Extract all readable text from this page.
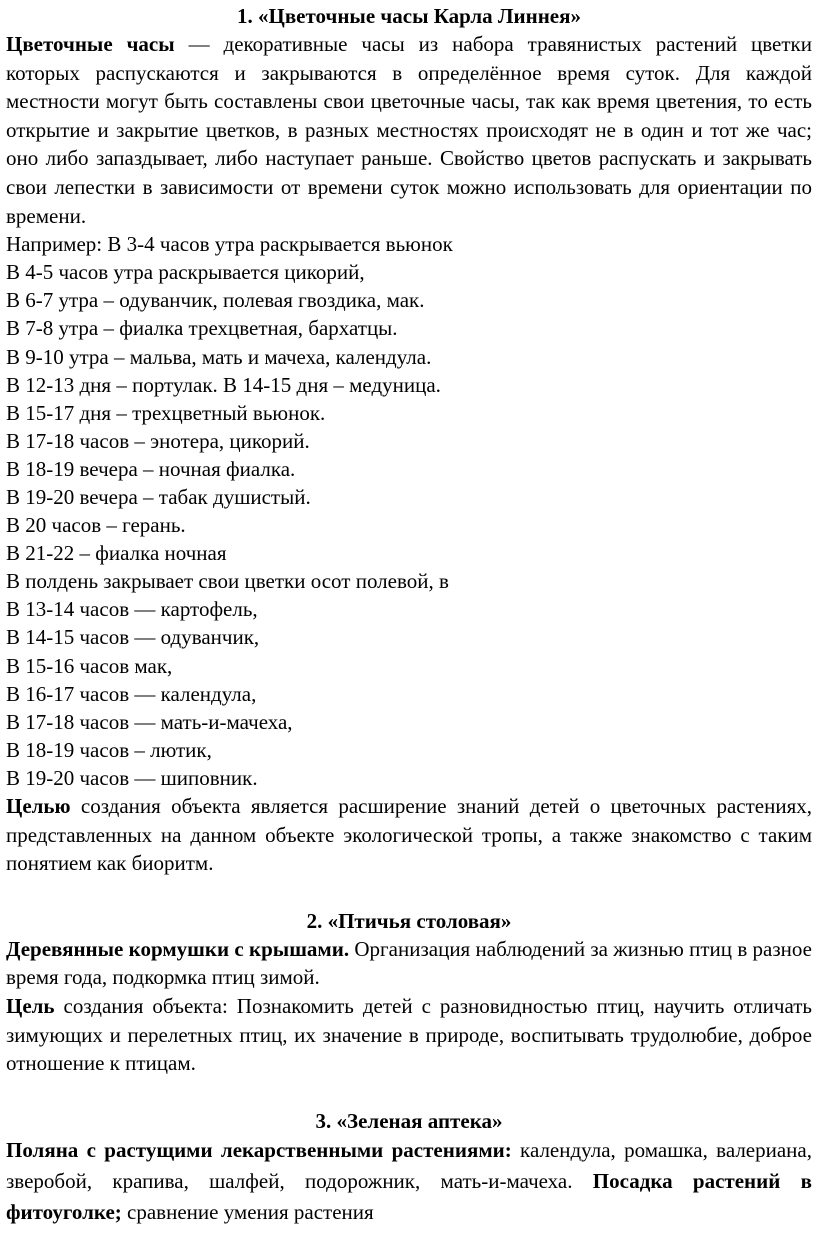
1. «Цветочные часы Карла Линнея»

Цветочные часы — декоративные часы из набора травянистых растений цветки которых распускаются и закрываются в определённое время суток. Для каждой местности могут быть составлены свои цветочные часы, так как время цветения, то есть открытие и закрытие цветков, в разных местностях происходят не в один и тот же час; оно либо запаздывает, либо наступает раньше. Свойство цветов распускать и закрывать свои лепестки в зависимости от времени суток можно использовать для ориентации по времени.

Например: В 3-4 часов утра раскрывается вьюнок
В 4-5 часов утра раскрывается цикорий,
В 6-7 утра – одуванчик, полевая гвоздика, мак.
В 7-8 утра – фиалка трехцветная, бархатцы.
В 9-10 утра – мальва, мать и мачеха, календула.
В 12-13 дня – портулак. В 14-15 дня – медуница.
В 15-17 дня – трехцветный вьюнок.
В 17-18 часов – энотера, цикорий.
В 18-19 вечера – ночная фиалка.
В 19-20 вечера – табак душистый.
В 20 часов – герань.
В 21-22 – фиалка ночная
В полдень закрывает свои цветки осот полевой, в
В 13-14 часов — картофель,
В 14-15 часов — одуванчик,
В 15-16 часов мак,
В 16-17 часов — календула,
В 17-18 часов — мать-и-мачеха,
В 18-19 часов – лютик,
В 19-20 часов — шиповник.

Целью создания объекта является расширение знаний детей о цветочных растениях, представленных на данном объекте экологической тропы, а также знакомство с таким понятием как биоритм.

2. «Птичья столовая»

Деревянные кормушки с крышами. Организация наблюдений за жизнью птиц в разное время года, подкормка птиц зимой.

Цель создания объекта: Познакомить детей с разновидностью птиц, научить отличать зимующих и перелетных птиц, их значение в природе, воспитывать трудолюбие, доброе отношение к птицам.

3. «Зеленая аптека»

Поляна с растущими лекарственными растениями: календула, ромашка, валериана, зверобой, крапива, шалфей, подорожник, мать-и-мачеха. Посадка растений в фитоуголке; сравнение умения растения
